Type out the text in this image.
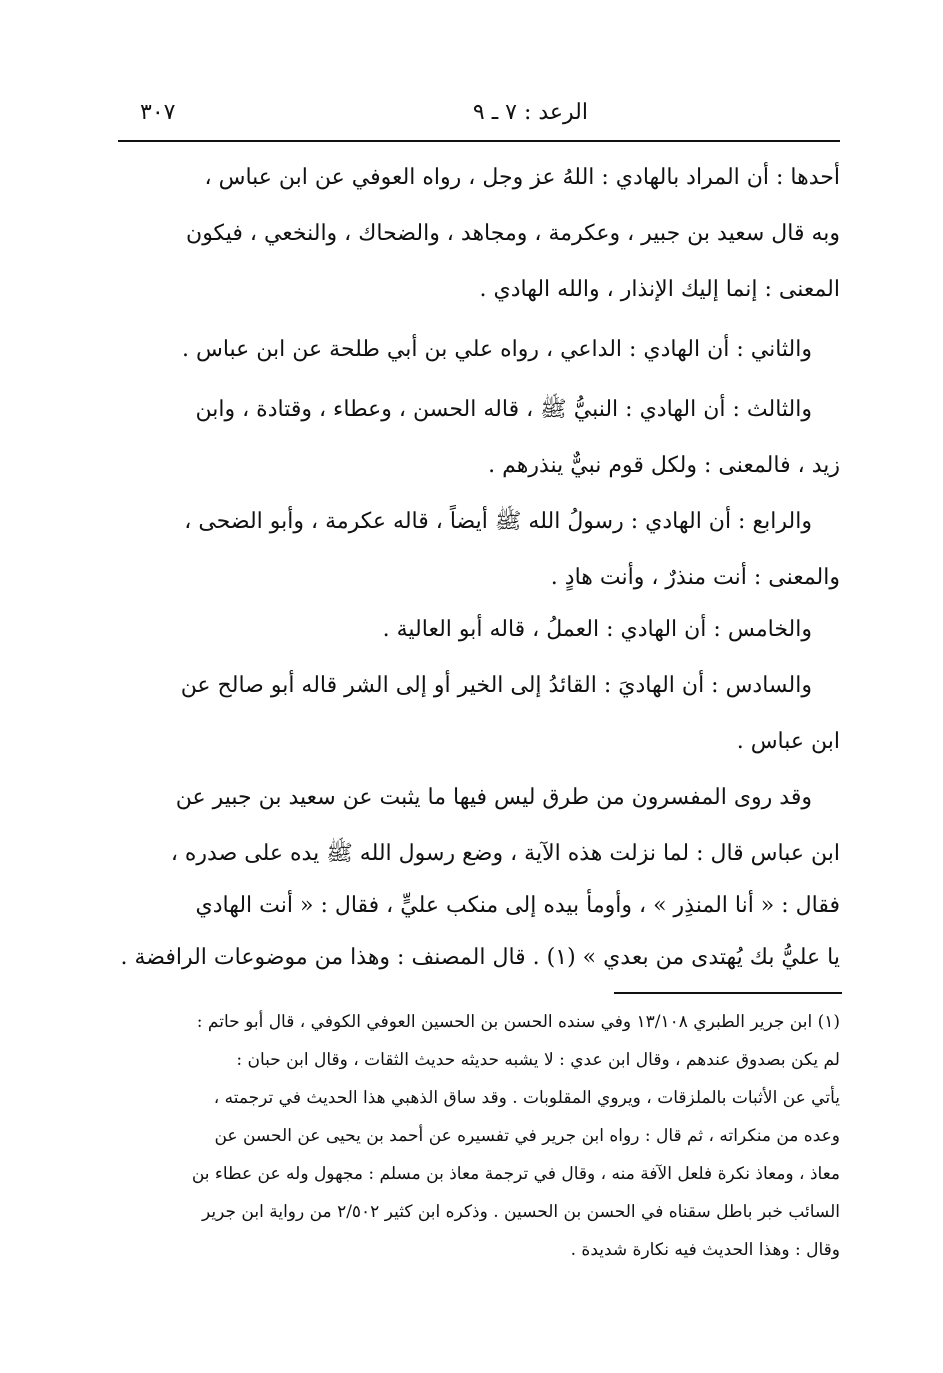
الرعد : ٧ ـ ٩
٣٠٧
أحدها : أن المراد بالهادي : اللهُ عز وجل ، رواه العوفي عن ابن عباس ،
وبه قال سعيد بن جبير ، وعكرمة ، ومجاهد ، والضحاك ، والنخعي ، فيكون
المعنى : إنما إليك الإنذار ، والله الهادي .
والثاني : أن الهادي : الداعي ، رواه علي بن أبي طلحة عن ابن عباس .
والثالث : أن الهادي : النبيُّ ﷺ ، قاله الحسن ، وعطاء ، وقتادة ، وابن
زيد ، فالمعنى : ولكل قوم نبيٌّ ينذرهم .
والرابع : أن الهادي : رسولُ الله ﷺ أيضاً ، قاله عكرمة ، وأبو الضحى ،
والمعنى : أنت منذرٌ ، وأنت هادٍ .
والخامس : أن الهادي : العملُ ، قاله أبو العالية .
والسادس : أن الهاديَ : القائدُ إلى الخير أو إلى الشر قاله أبو صالح عن
ابن عباس .
وقد روى المفسرون من طرق ليس فيها ما يثبت عن سعيد بن جبير عن
ابن عباس قال : لما نزلت هذه الآية ، وضع رسول الله ﷺ يده على صدره ،
فقال : « أنا المنذِر » ، وأومأ بيده إلى منكب عليٍّ ، فقال : « أنت الهادي
يا عليُّ بك يُهتدى من بعدي » (١) . قال المصنف : وهذا من موضوعات الرافضة .
(١) ابن جرير الطبري ١٣/١٠٨ وفي سنده الحسن بن الحسين العوفي الكوفي ، قال أبو حاتم :
لم يكن بصدوق عندهم ، وقال ابن عدي : لا يشبه حديثه حديث الثقات ، وقال ابن حبان :
يأتي عن الأثبات بالملزقات ، ويروي المقلوبات . وقد ساق الذهبي هذا الحديث في ترجمته ،
وعده من منكراته ، ثم قال : رواه ابن جرير في تفسيره عن أحمد بن يحيى عن الحسن عن
معاذ ، ومعاذ نكرة فلعل الآفة منه ، وقال في ترجمة معاذ بن مسلم : مجهول وله عن عطاء بن
السائب خبر باطل سقناه في الحسن بن الحسين . وذكره ابن كثير ٢/٥٠٢ من رواية ابن جرير
وقال : وهذا الحديث فيه نكارة شديدة .
